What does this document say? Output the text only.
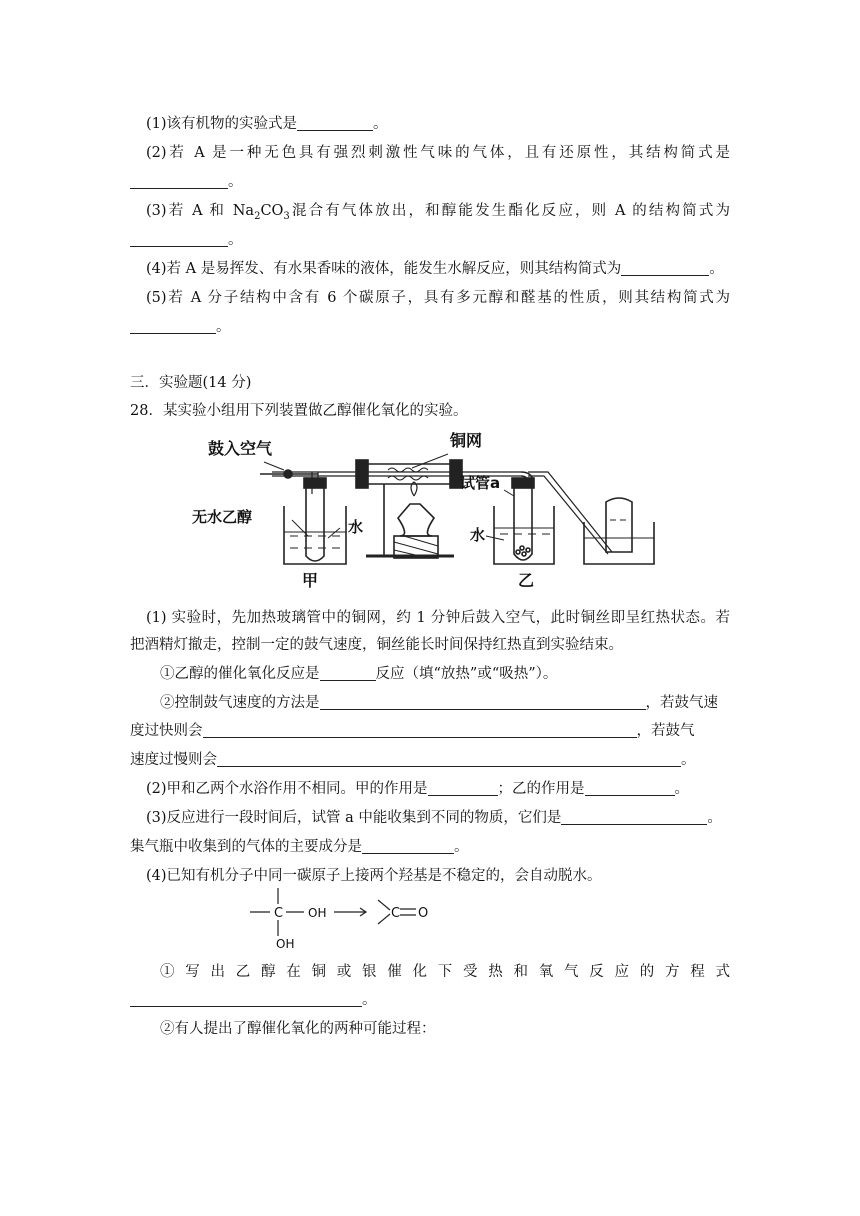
(1)该有机物的实验式是	。
(2)若 A 是一种无色具有强烈刺激性气味的气体，且有还原性，其结构简式是
。
(3)若 A 和 $Na_2CO_3$混合有气体放出，和醇能发生酯化反应，则 A 的结构简式为
。
(4)若 A 是易挥发、有水果香味的液体，能发生水解反应，则其结构简式为	。
(5)若 A 分子结构中含有 6 个碳原子，具有多元醇和醛基的性质，则其结构简式为
。
三．实验题(14 分)
28．某实验小组用下列装置做乙醇催化氧化的实验。
鼓入空气	铜网
试管a
无水乙醇
水	水
甲	乙
(1) 实验时，先加热玻璃管中的铜网，约 1 分钟后鼓入空气，此时铜丝即呈红热状态。若
把酒精灯撤走，控制一定的鼓气速度，铜丝能长时间保持红热直到实验结束。
①乙醇的催化氧化反应是	反应（填“放热”或“吸热”）。
②控制鼓气速度的方法是	，若鼓气速
度过快则会	，若鼓气
速度过慢则会	。
(2)甲和乙两个水浴作用不相同。甲的作用是	；乙的作用是	。
(3)反应进行一段时间后，试管 a 中能收集到不同的物质，它们是	。
集气瓶中收集到的气体的主要成分是	。
(4)已知有机分子中同一碳原子上接两个羟基是不稳定的，会自动脱水。
C OH
OH
C O
① 写 出 乙 醇 在 铜 或 银 催 化 下 受 热 和 氧 气 反 应 的 方 程 式
。
②有人提出了醇催化氧化的两种可能过程：
